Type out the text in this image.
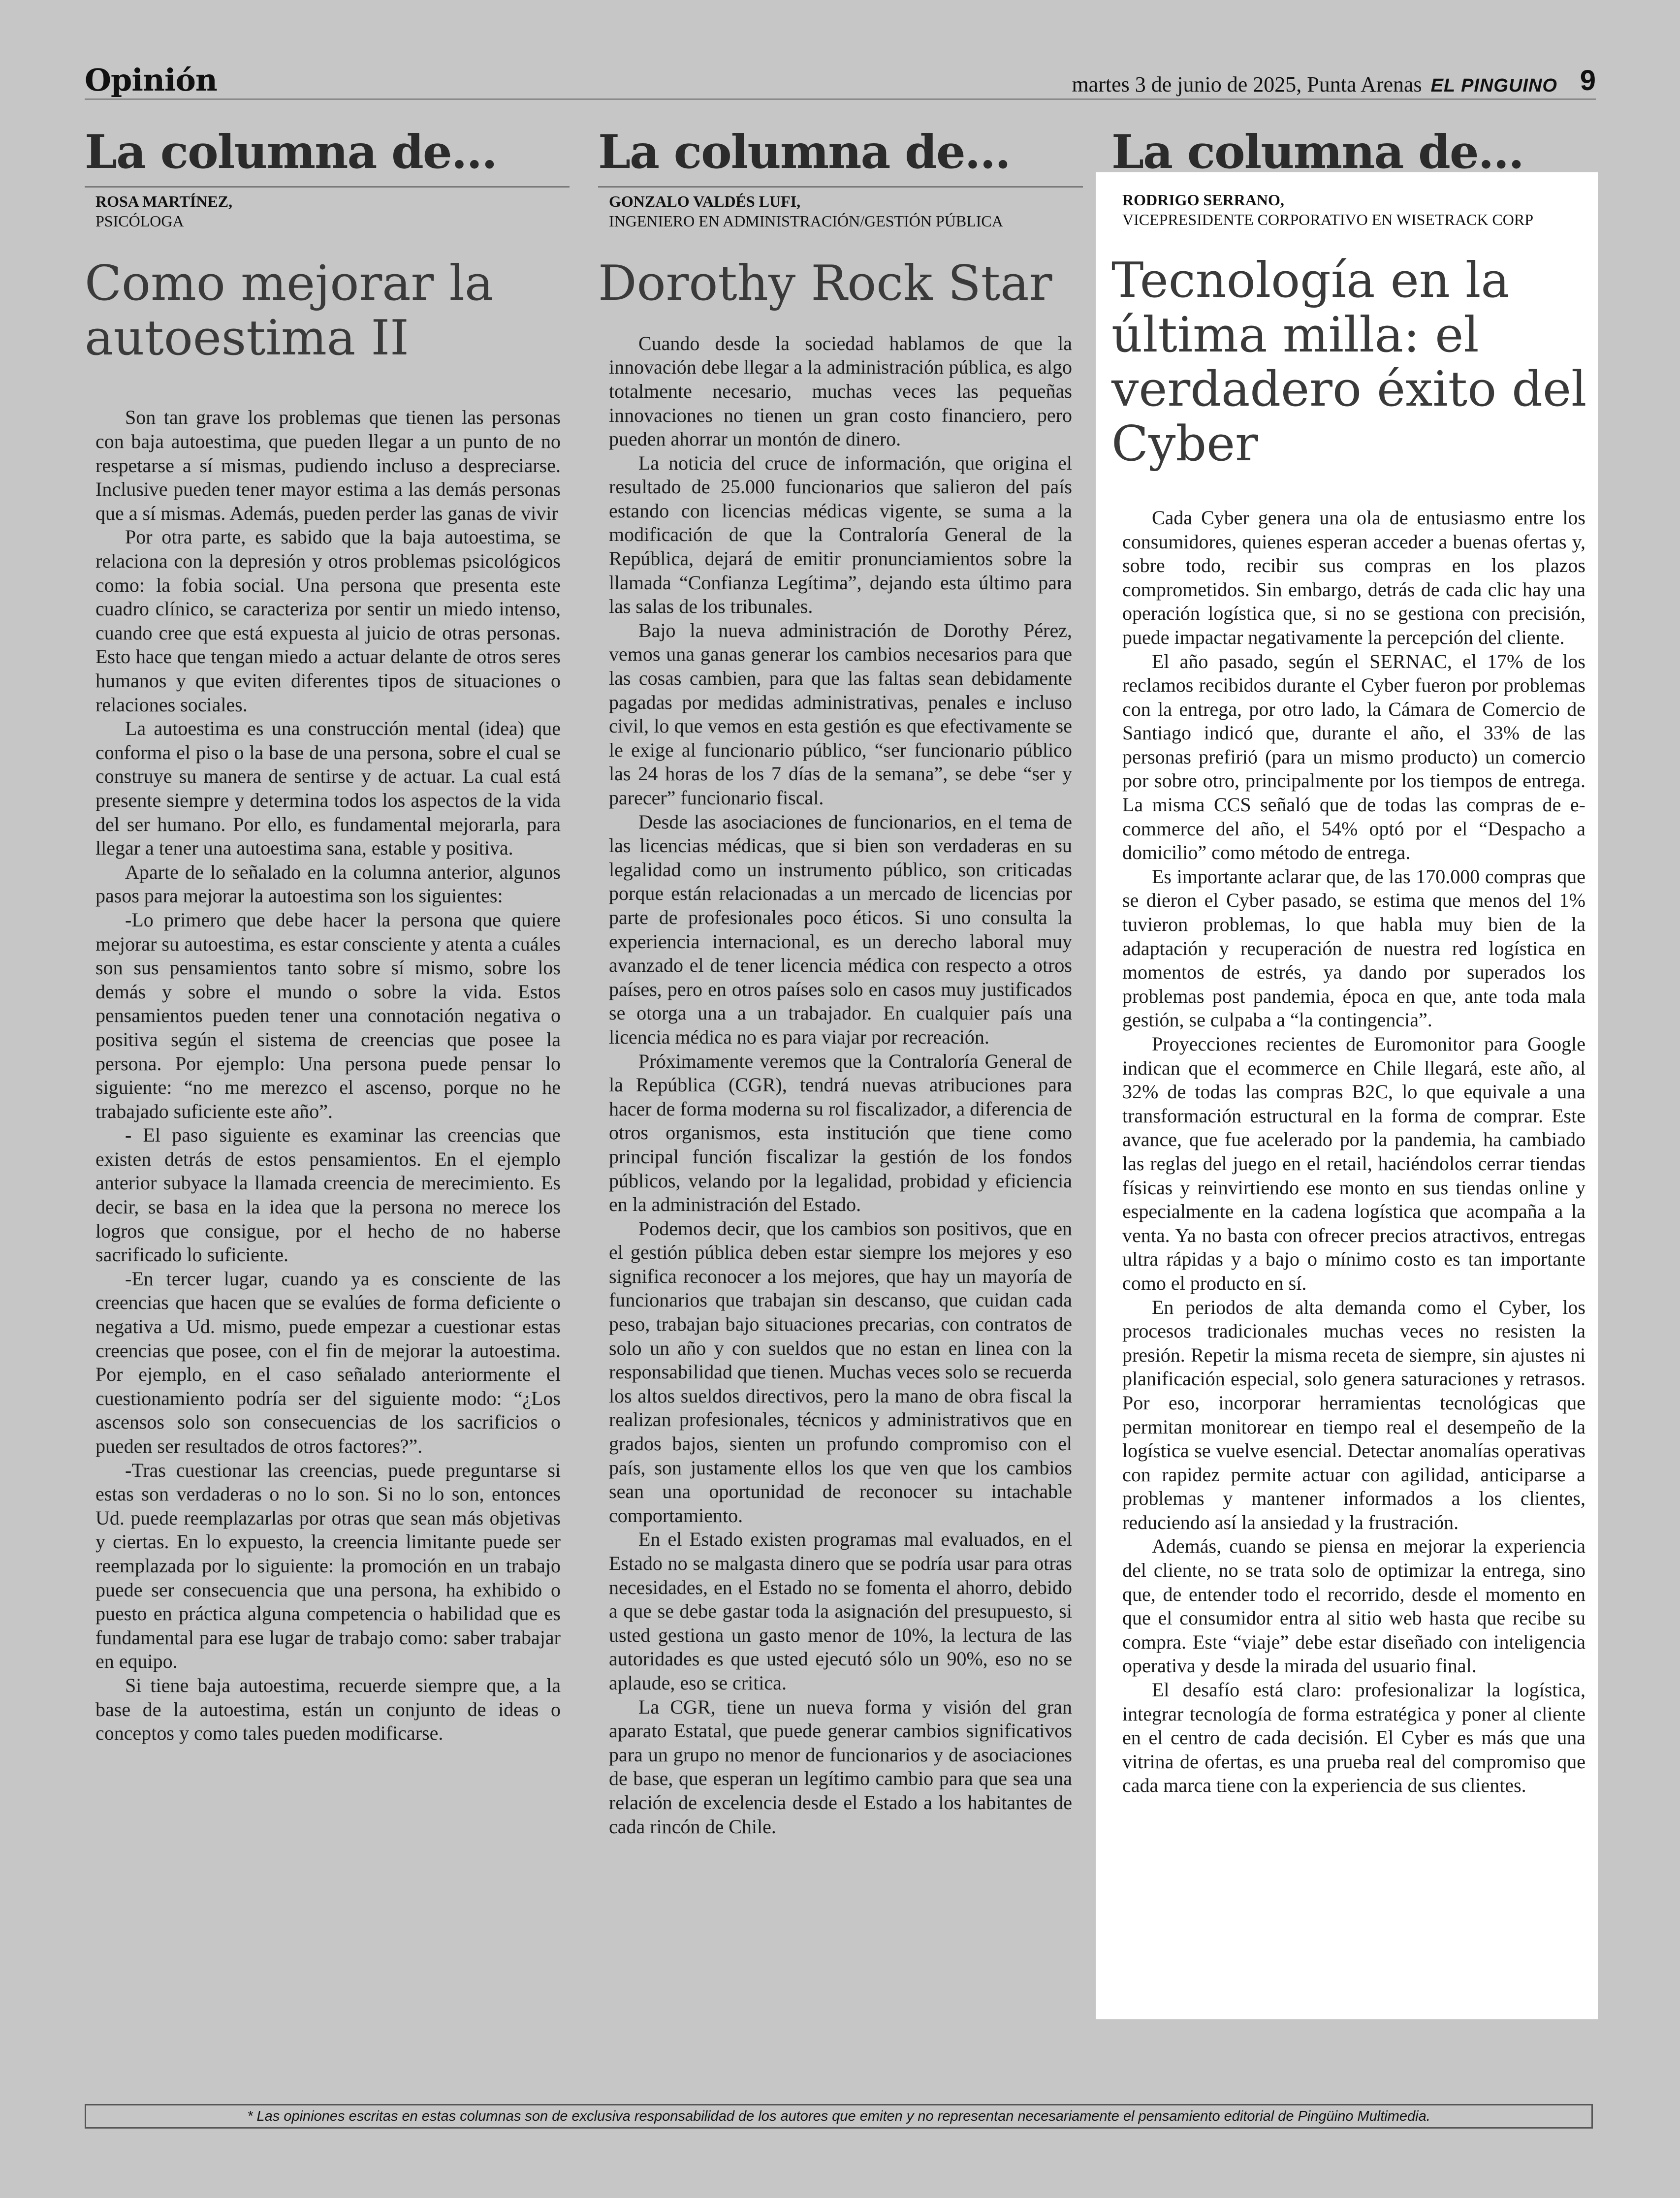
Opinión	martes 3 de junio de 2025, Punta Arenas EL PINGUINO 9
La columna de...
ROSA MARTÍNEZ,
PSICÓLOGA
Como mejorar la autoestima II

Son tan grave los problemas que tienen las personas con baja autoestima, que pueden llegar a un punto de no respetarse a sí mismas, pudiendo incluso a despreciarse. Inclusive pueden tener mayor estima a las demás personas que a sí mismas. Además, pueden perder las ganas de vivir

Por otra parte, es sabido que la baja autoestima, se relaciona con la depresión y otros problemas psicológicos como: la fobia social. Una persona que presenta este cuadro clínico, se caracteriza por sentir un miedo intenso, cuando cree que está expuesta al juicio de otras personas. Esto hace que tengan miedo a actuar delante de otros seres humanos y que eviten diferentes tipos de situaciones o relaciones sociales.

La autoestima es una construcción mental (idea) que conforma el piso o la base de una persona, sobre el cual se construye su manera de sentirse y de actuar. La cual está presente siempre y determina todos los aspectos de la vida del ser humano. Por ello, es fundamental mejorarla, para llegar a tener una autoestima sana, estable y positiva.

Aparte de lo señalado en la columna anterior, algunos pasos para mejorar la autoestima son los siguientes:

-Lo primero que debe hacer la persona que quiere mejorar su autoestima, es estar consciente y atenta a cuáles son sus pensamientos tanto sobre sí mismo, sobre los demás y sobre el mundo o sobre la vida. Estos pensamientos pueden tener una connotación negativa o positiva según el sistema de creencias que posee la persona. Por ejemplo: Una persona puede pensar lo siguiente: “no me merezco el ascenso, porque no he trabajado suficiente este año”.

- El paso siguiente es examinar las creencias que existen detrás de estos pensamientos. En el ejemplo anterior subyace la llamada creencia de merecimiento. Es decir, se basa en la idea que la persona no merece los logros que consigue, por el hecho de no haberse sacrificado lo suficiente.

-En tercer lugar, cuando ya es consciente de las creencias que hacen que se evalúes de forma deficiente o negativa a Ud. mismo, puede empezar a cuestionar estas creencias que posee, con el fin de mejorar la autoestima. Por ejemplo, en el caso señalado anteriormente el cuestionamiento podría ser del siguiente modo: “¿Los ascensos solo son consecuencias de los sacrificios o pueden ser resultados de otros factores?”.

-Tras cuestionar las creencias, puede preguntarse si estas son verdaderas o no lo son. Si no lo son, entonces Ud. puede reemplazarlas por otras que sean más objetivas y ciertas. En lo expuesto, la creencia limitante puede ser reemplazada por lo siguiente: la promoción en un trabajo puede ser consecuencia que una persona, ha exhibido o puesto en práctica alguna competencia o habilidad que es fundamental para ese lugar de trabajo como: saber trabajar en equipo.

Si tiene baja autoestima, recuerde siempre que, a la base de la autoestima, están un conjunto de ideas o conceptos y como tales pueden modificarse.

La columna de...
GONZALO VALDÉS LUFI,
INGENIERO EN ADMINISTRACIÓN/GESTIÓN PÚBLICA
Dorothy Rock Star

Cuando desde la sociedad hablamos de que la innovación debe llegar a la administración pública, es algo totalmente necesario, muchas veces las pequeñas innovaciones no tienen un gran costo financiero, pero pueden ahorrar un montón de dinero.

La noticia del cruce de información, que origina el resultado de 25.000 funcionarios que salieron del país estando con licencias médicas vigente, se suma a la modificación de que la Contraloría General de la República, dejará de emitir pronunciamientos sobre la llamada “Confianza Legítima”, dejando esta último para las salas de los tribunales.

Bajo la nueva administración de Dorothy Pérez, vemos una ganas generar los cambios necesarios para que las cosas cambien, para que las faltas sean debidamente pagadas por medidas administrativas, penales e incluso civil, lo que vemos en esta gestión es que efectivamente se le exige al funcionario público, “ser funcionario público las 24 horas de los 7 días de la semana”, se debe “ser y parecer” funcionario fiscal.

Desde las asociaciones de funcionarios, en el tema de las licencias médicas, que si bien son verdaderas en su legalidad como un instrumento público, son criticadas porque están relacionadas a un mercado de licencias por parte de profesionales poco éticos. Si uno consulta la experiencia internacional, es un derecho laboral muy avanzado el de tener licencia médica con respecto a otros países, pero en otros países solo en casos muy justificados se otorga una a un trabajador. En cualquier país una licencia médica no es para viajar por recreación.

Próximamente veremos que la Contraloría General de la República (CGR), tendrá nuevas atribuciones para hacer de forma moderna su rol fiscalizador, a diferencia de otros organismos, esta institución que tiene como principal función fiscalizar la gestión de los fondos públicos, velando por la legalidad, probidad y eficiencia en la administración del Estado.

Podemos decir, que los cambios son positivos, que en el gestión pública deben estar siempre los mejores y eso significa reconocer a los mejores, que hay un mayoría de funcionarios que trabajan sin descanso, que cuidan cada peso, trabajan bajo situaciones precarias, con contratos de solo un año y con sueldos que no estan en linea con la responsabilidad que tienen. Muchas veces solo se recuerda los altos sueldos directivos, pero la mano de obra fiscal la realizan profesionales, técnicos y administrativos que en grados bajos, sienten un profundo compromiso con el país, son justamente ellos los que ven que los cambios sean una oportunidad de reconocer su intachable comportamiento.

En el Estado existen programas mal evaluados, en el Estado no se malgasta dinero que se podría usar para otras necesidades, en el Estado no se fomenta el ahorro, debido a que se debe gastar toda la asignación del presupuesto, si usted gestiona un gasto menor de 10%, la lectura de las autoridades es que usted ejecutó sólo un 90%, eso no se aplaude, eso se critica.

La CGR, tiene un nueva forma y visión del gran aparato Estatal, que puede generar cambios significativos para un grupo no menor de funcionarios y de asociaciones de base, que esperan un legítimo cambio para que sea una relación de excelencia desde el Estado a los habitantes de cada rincón de Chile.

La columna de...
RODRIGO SERRANO,
VICEPRESIDENTE CORPORATIVO EN WISETRACK CORP
Tecnología en la última milla: el verdadero éxito del Cyber

Cada Cyber genera una ola de entusiasmo entre los consumidores, quienes esperan acceder a buenas ofertas y, sobre todo, recibir sus compras en los plazos comprometidos. Sin embargo, detrás de cada clic hay una operación logística que, si no se gestiona con precisión, puede impactar negativamente la percepción del cliente.

El año pasado, según el SERNAC, el 17% de los reclamos recibidos durante el Cyber fueron por problemas con la entrega, por otro lado, la Cámara de Comercio de Santiago indicó que, durante el año, el 33% de las personas prefirió (para un mismo producto) un comercio por sobre otro, principalmente por los tiempos de entrega. La misma CCS señaló que de todas las compras de e-commerce del año, el 54% optó por el “Despacho a domicilio” como método de entrega.

Es importante aclarar que, de las 170.000 compras que se dieron el Cyber pasado, se estima que menos del 1% tuvieron problemas, lo que habla muy bien de la adaptación y recuperación de nuestra red logística en momentos de estrés, ya dando por superados los problemas post pandemia, época en que, ante toda mala gestión, se culpaba a “la contingencia”.

Proyecciones recientes de Euromonitor para Google indican que el ecommerce en Chile llegará, este año, al 32% de todas las compras B2C, lo que equivale a una transformación estructural en la forma de comprar. Este avance, que fue acelerado por la pandemia, ha cambiado las reglas del juego en el retail, haciéndolos cerrar tiendas físicas y reinvirtiendo ese monto en sus tiendas online y especialmente en la cadena logística que acompaña a la venta. Ya no basta con ofrecer precios atractivos, entregas ultra rápidas y a bajo o mínimo costo es tan importante como el producto en sí.

En periodos de alta demanda como el Cyber, los procesos tradicionales muchas veces no resisten la presión. Repetir la misma receta de siempre, sin ajustes ni planificación especial, solo genera saturaciones y retrasos. Por eso, incorporar herramientas tecnológicas que permitan monitorear en tiempo real el desempeño de la logística se vuelve esencial. Detectar anomalías operativas con rapidez permite actuar con agilidad, anticiparse a problemas y mantener informados a los clientes, reduciendo así la ansiedad y la frustración.

Además, cuando se piensa en mejorar la experiencia del cliente, no se trata solo de optimizar la entrega, sino que, de entender todo el recorrido, desde el momento en que el consumidor entra al sitio web hasta que recibe su compra. Este “viaje” debe estar diseñado con inteligencia operativa y desde la mirada del usuario final.

El desafío está claro: profesionalizar la logística, integrar tecnología de forma estratégica y poner al cliente en el centro de cada decisión. El Cyber es más que una vitrina de ofertas, es una prueba real del compromiso que cada marca tiene con la experiencia de sus clientes.

* Las opiniones escritas en estas columnas son de exclusiva responsabilidad de los autores que emiten y no representan necesariamente el pensamiento editorial de Pingüino Multimedia.
